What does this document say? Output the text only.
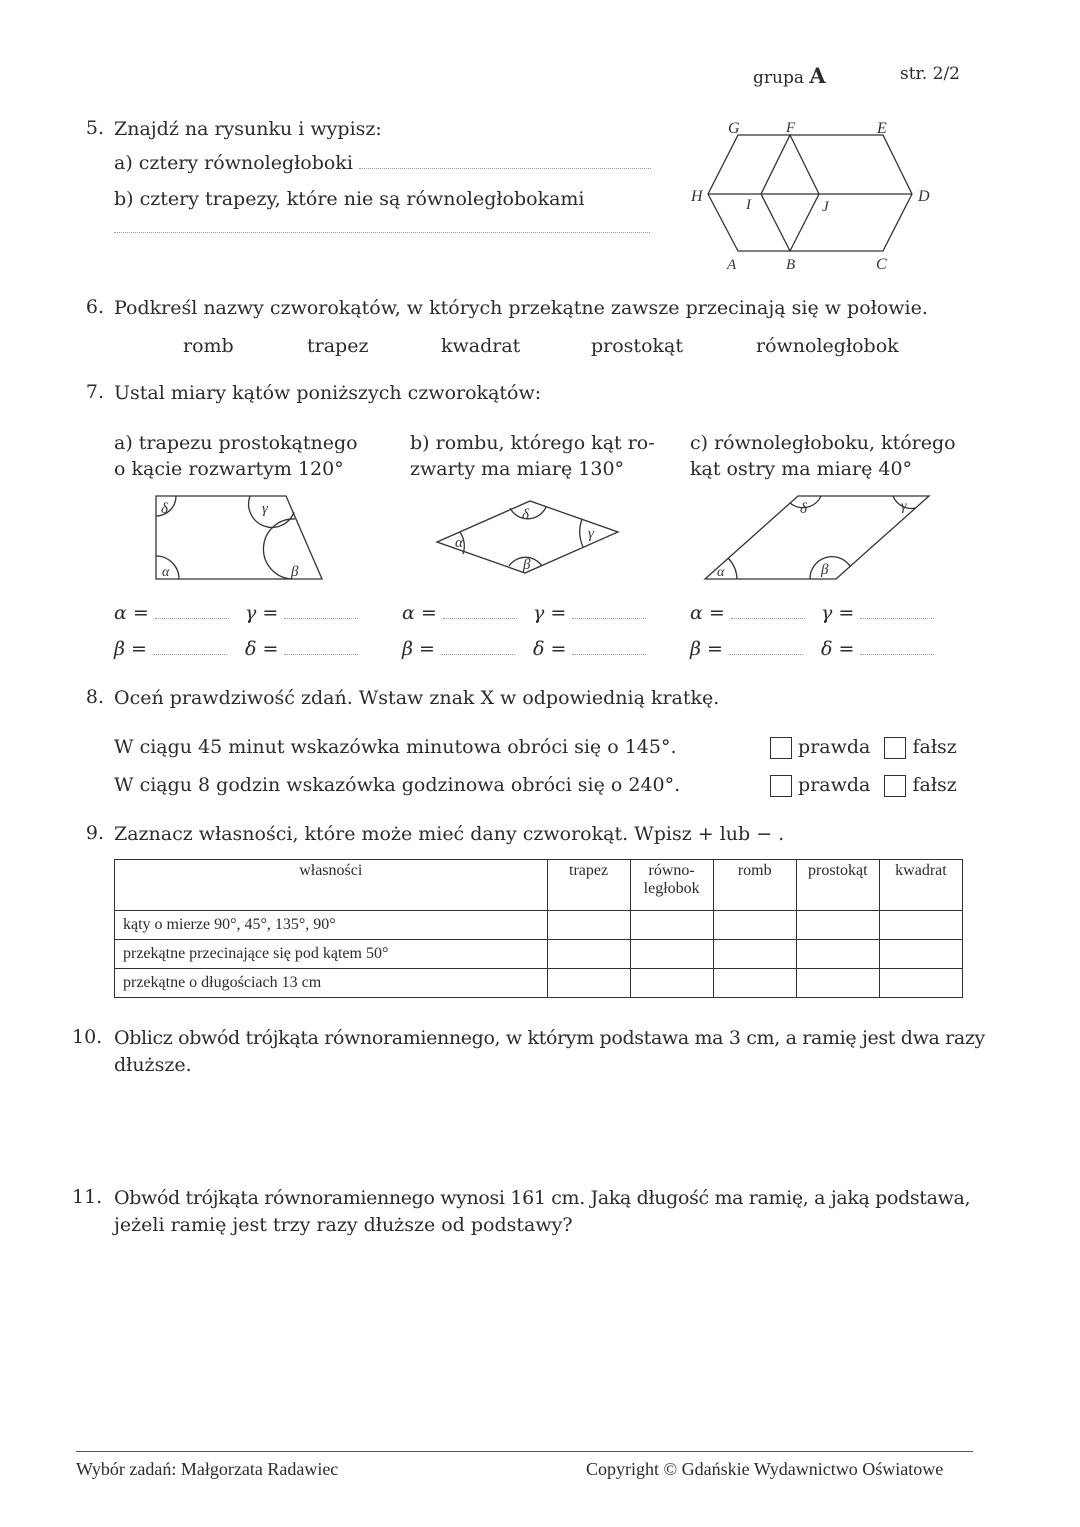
grupa A	str. 2/2
5. Znajdź na rysunku i wypisz:
a) cztery równoległoboki
b) cztery trapezy, które nie są równoległobokami
G	F	E
H	I	J
D
A	B	C
6. Podkreśl nazwy czworokątów, w których przekątne zawsze przecinają się w połowie.
romb	trapez	kwadrat	prostokąt	równoległobok
7. Ustal miary kątów poniższych czworokątów:
a) trapezu prostokątnego
o kącie rozwartym 120°
b) rombu, którego kąt ro-
zwarty ma miarę 130°
c) równoległoboku, którego
kąt ostry ma miarę 40°
δ	γ
α	β
α
δ
β
γ
α
δ
β
γ
α =	γ =
β =	δ =
α =	γ =
β =	δ =
α =	γ =
β =	δ =
8. Oceń prawdziwość zdań. Wstaw znak X w odpowiednią kratkę.
W ciągu 45 minut wskazówka minutowa obróci się o 145°.
W ciągu 8 godzin wskazówka godzinowa obróci się o 240°.
prawda fałsz
prawda fałsz
9. Zaznacz własności, które może mieć dany czworokąt. Wpisz + lub − .
własności	trapez	równo-
ległobok	romb	prostokąt	kwadrat
kąty o mierze 90°, 45°, 135°, 90°					
przekątne przecinające się pod kątem 50°					
przekątne o długościach 13 cm					
10. Oblicz obwód trójkąta równoramiennego, w którym podstawa ma 3 cm, a ramię jest dwa razy
dłuższe.
11. Obwód trójkąta równoramiennego wynosi 161 cm. Jaką długość ma ramię, a jaką podstawa,
jeżeli ramię jest trzy razy dłuższe od podstawy?
Wybór zadań: Małgorzata Radawiec	Copyright © Gdańskie Wydawnictwo Oświatowe
